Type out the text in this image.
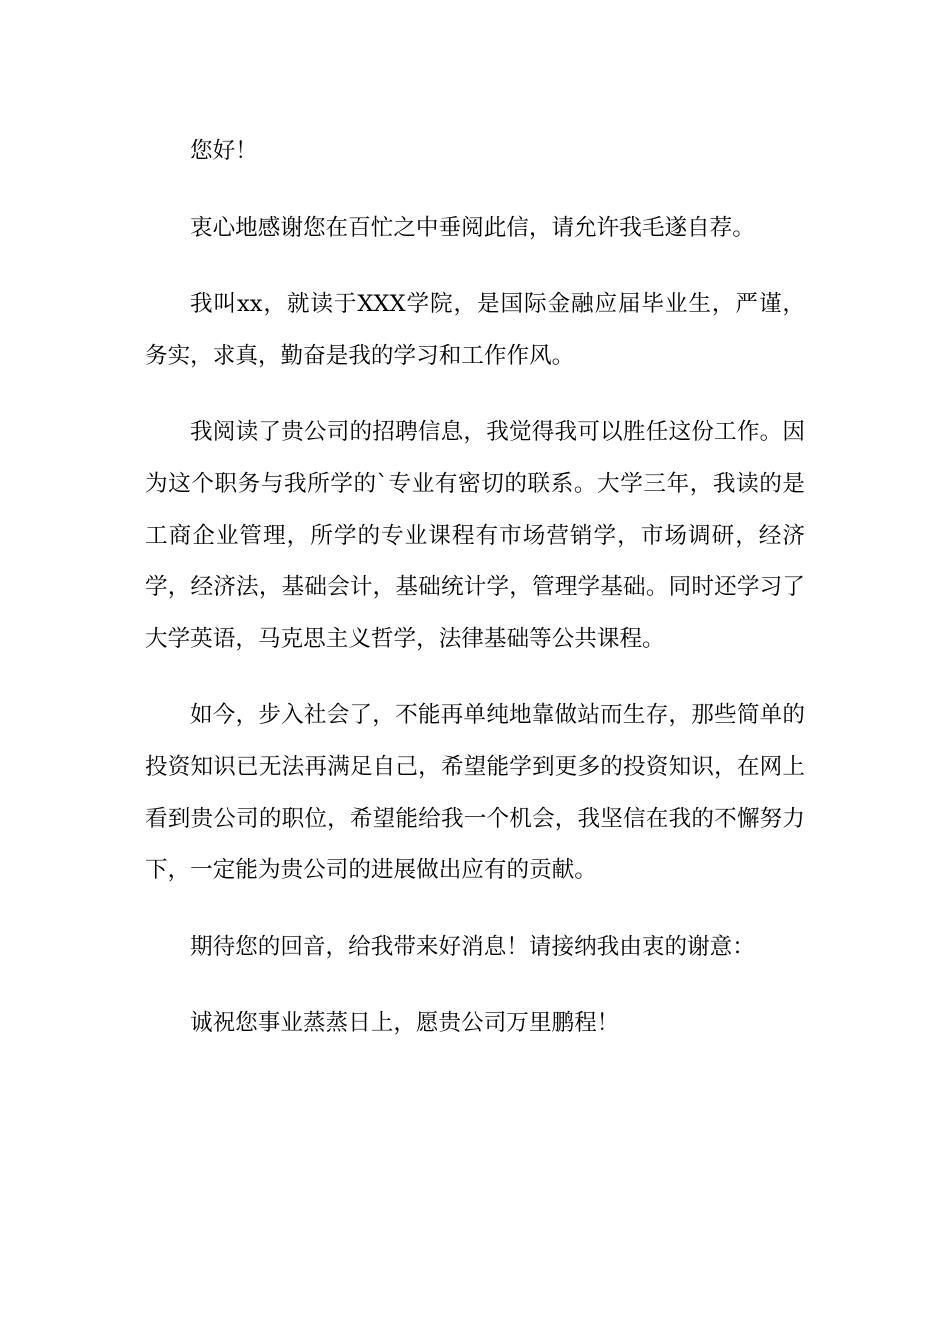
您好！

衷心地感谢您在百忙之中垂阅此信，请允许我毛遂自荐。

我叫xx，就读于XXX学院，是国际金融应届毕业生，严谨，务实，求真，勤奋是我的学习和工作作风。

我阅读了贵公司的招聘信息，我觉得我可以胜任这份工作。因为这个职务与我所学的`专业有密切的联系。大学三年，我读的是工商企业管理，所学的专业课程有市场营销学，市场调研，经济学，经济法，基础会计，基础统计学，管理学基础。同时还学习了大学英语，马克思主义哲学，法律基础等公共课程。

如今，步入社会了，不能再单纯地靠做站而生存，那些简单的投资知识已无法再满足自己，希望能学到更多的投资知识，在网上看到贵公司的职位，希望能给我一个机会，我坚信在我的不懈努力下，一定能为贵公司的进展做出应有的贡献。

期待您的回音，给我带来好消息！请接纳我由衷的谢意：

诚祝您事业蒸蒸日上，愿贵公司万里鹏程！
